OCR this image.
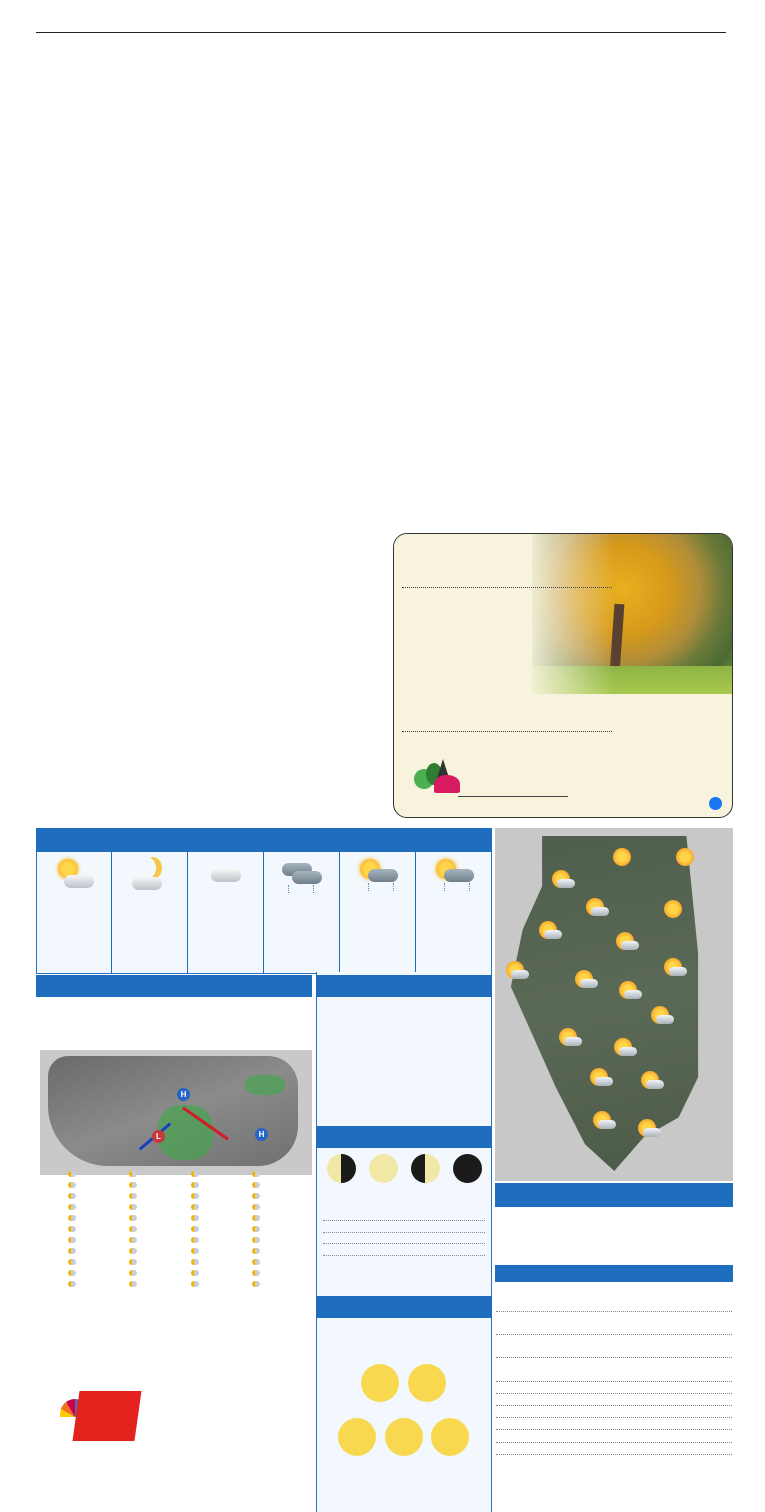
H
H
L
